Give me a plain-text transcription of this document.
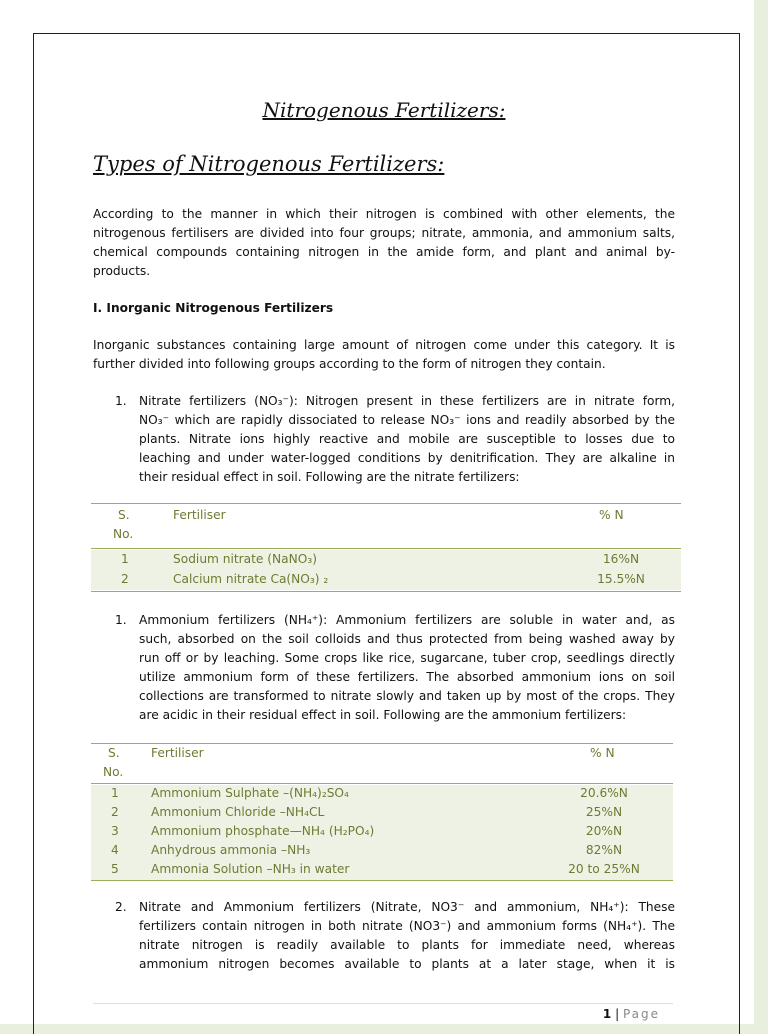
Nitrogenous Fertilizers:
Types of Nitrogenous Fertilizers:
According to the manner in which their nitrogen is combined with other elements, the
nitrogenous fertilisers are divided into four groups; nitrate, ammonia, and ammonium salts,
chemical compounds containing nitrogen in the amide form, and plant and animal by-
products.
I. Inorganic Nitrogenous Fertilizers
Inorganic substances containing large amount of nitrogen come under this category. It is
further divided into following groups according to the form of nitrogen they contain.
1. Nitrate fertilizers (NO₃⁻): Nitrogen present in these fertilizers are in nitrate form,
NO₃⁻ which are rapidly dissociated to release NO₃⁻ ions and readily absorbed by the
plants. Nitrate ions highly reactive and mobile are susceptible to losses due to
leaching and under water-logged conditions by denitrification. They are alkaline in
their residual effect in soil. Following are the nitrate fertilizers:
S.
No.
Fertiliser	% N
1	Sodium nitrate (NaNO₃)	16%N
2	Calcium nitrate Ca(NO₃) ₂	15.5%N
1. Ammonium fertilizers (NH₄⁺): Ammonium fertilizers are soluble in water and, as
such, absorbed on the soil colloids and thus protected from being washed away by
run off or by leaching. Some crops like rice, sugarcane, tuber crop, seedlings directly
utilize ammonium form of these fertilizers. The absorbed ammonium ions on soil
collections are transformed to nitrate slowly and taken up by most of the crops. They
are acidic in their residual effect in soil. Following are the ammonium fertilizers:
S.
No.
Fertiliser	% N
1	Ammonium Sulphate –(NH₄)₂SO₄	20.6%N
2	Ammonium Chloride –NH₄CL	25%N
3	Ammonium phosphate—NH₄ (H₂PO₄)	20%N
4	Anhydrous ammonia –NH₃	82%N
5	Ammonia Solution –NH₃ in water	20 to 25%N
2. Nitrate and Ammonium fertilizers (Nitrate, NO3⁻ and ammonium, NH₄⁺): These
fertilizers contain nitrogen in both nitrate (NO3⁻) and ammonium forms (NH₄⁺). The
nitrate nitrogen is readily available to plants for immediate need, whereas
ammonium nitrogen becomes available to plants at a later stage, when it is
1 | Page
